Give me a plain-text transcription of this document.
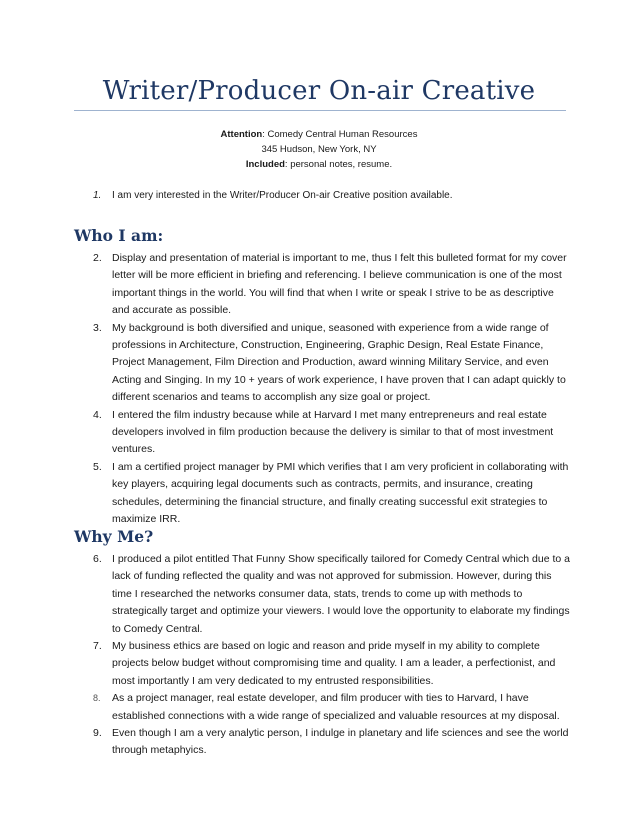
Writer/Producer On-air Creative
Attention: Comedy Central Human Resources
345 Hudson, New York, NY
Included: personal notes, resume.
1. I am very interested in the Writer/Producer On-air Creative position available.
Who I am:
2. Display and presentation of material is important to me, thus I felt this bulleted format for my cover letter will be more efficient in briefing and referencing. I believe communication is one of the most important things in the world. You will find that when I write or speak I strive to be as descriptive and accurate as possible.
3. My background is both diversified and unique, seasoned with experience from a wide range of professions in Architecture, Construction, Engineering, Graphic Design, Real Estate Finance, Project Management, Film Direction and Production, award winning Military Service, and even Acting and Singing. In my 10 + years of work experience, I have proven that I can adapt quickly to different scenarios and teams to accomplish any size goal or project.
4. I entered the film industry because while at Harvard I met many entrepreneurs and real estate developers involved in film production because the delivery is similar to that of most investment ventures.
5. I am a certified project manager by PMI which verifies that I am very proficient in collaborating with key players, acquiring legal documents such as contracts, permits, and insurance, creating schedules, determining the financial structure, and finally creating successful exit strategies to maximize IRR.
Why Me?
6. I produced a pilot entitled That Funny Show specifically tailored for Comedy Central which due to a lack of funding reflected the quality and was not approved for submission. However, during this time I researched the networks consumer data, stats, trends to come up with methods to strategically target and optimize your viewers. I would love the opportunity to elaborate my findings to Comedy Central.
7. My business ethics are based on logic and reason and pride myself in my ability to complete projects below budget without compromising time and quality. I am a leader, a perfectionist, and most importantly I am very dedicated to my entrusted responsibilities.
8. As a project manager, real estate developer, and film producer with ties to Harvard, I have established connections with a wide range of specialized and valuable resources at my disposal.
9. Even though I am a very analytic person, I indulge in planetary and life sciences and see the world through metaphyics.
